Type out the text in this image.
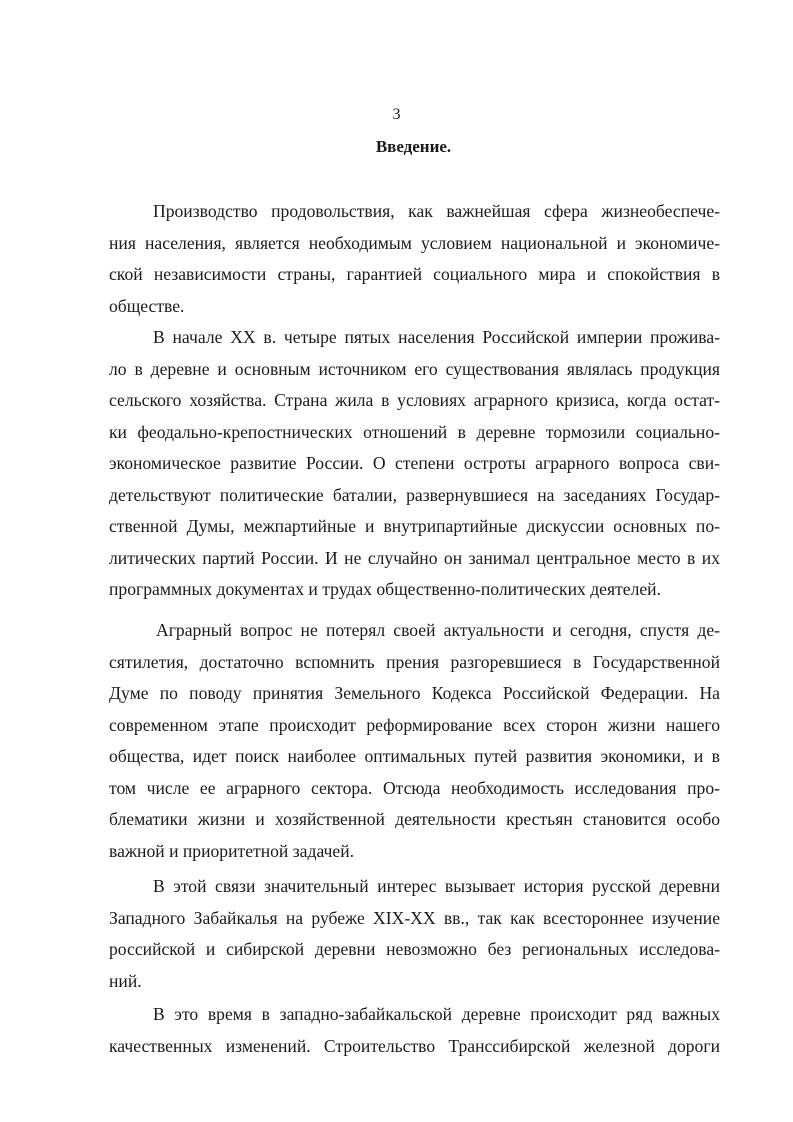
3
Введение.
Производство продовольствия, как важнейшая сфера жизнеобеспече-
ния населения, является необходимым условием национальной и экономиче-
ской независимости страны, гарантией социального мира и спокойствия в
обществе.
В начале XX в. четыре пятых населения Российской империи прожива-
ло в деревне и основным источником его существования являлась продукция
сельского хозяйства. Страна жила в условиях аграрного кризиса, когда остат-
ки феодально-крепостнических отношений в деревне тормозили социально-
экономическое развитие России. О степени остроты аграрного вопроса сви-
детельствуют политические баталии, развернувшиеся на заседаниях Государ-
ственной Думы, межпартийные и внутрипартийные дискуссии основных по-
литических партий России. И не случайно он занимал центральное место в их
программных документах и трудах общественно-политических деятелей.
Аграрный вопрос не потерял своей актуальности и сегодня, спустя де-
сятилетия, достаточно вспомнить прения разгоревшиеся в Государственной
Думе по поводу принятия Земельного Кодекса Российской Федерации. На
современном этапе происходит реформирование всех сторон жизни нашего
общества, идет поиск наиболее оптимальных путей развития экономики, и в
том числе ее аграрного сектора. Отсюда необходимость исследования про-
блематики жизни и хозяйственной деятельности крестьян становится особо
важной и приоритетной задачей.
В этой связи значительный интерес вызывает история русской деревни
Западного Забайкалья на рубеже XIX-XX вв., так как всестороннее изучение
российской и сибирской деревни невозможно без региональных исследова-
ний.
В это время в западно-забайкальской деревне происходит ряд важных
качественных изменений. Строительство Транссибирской железной дороги
